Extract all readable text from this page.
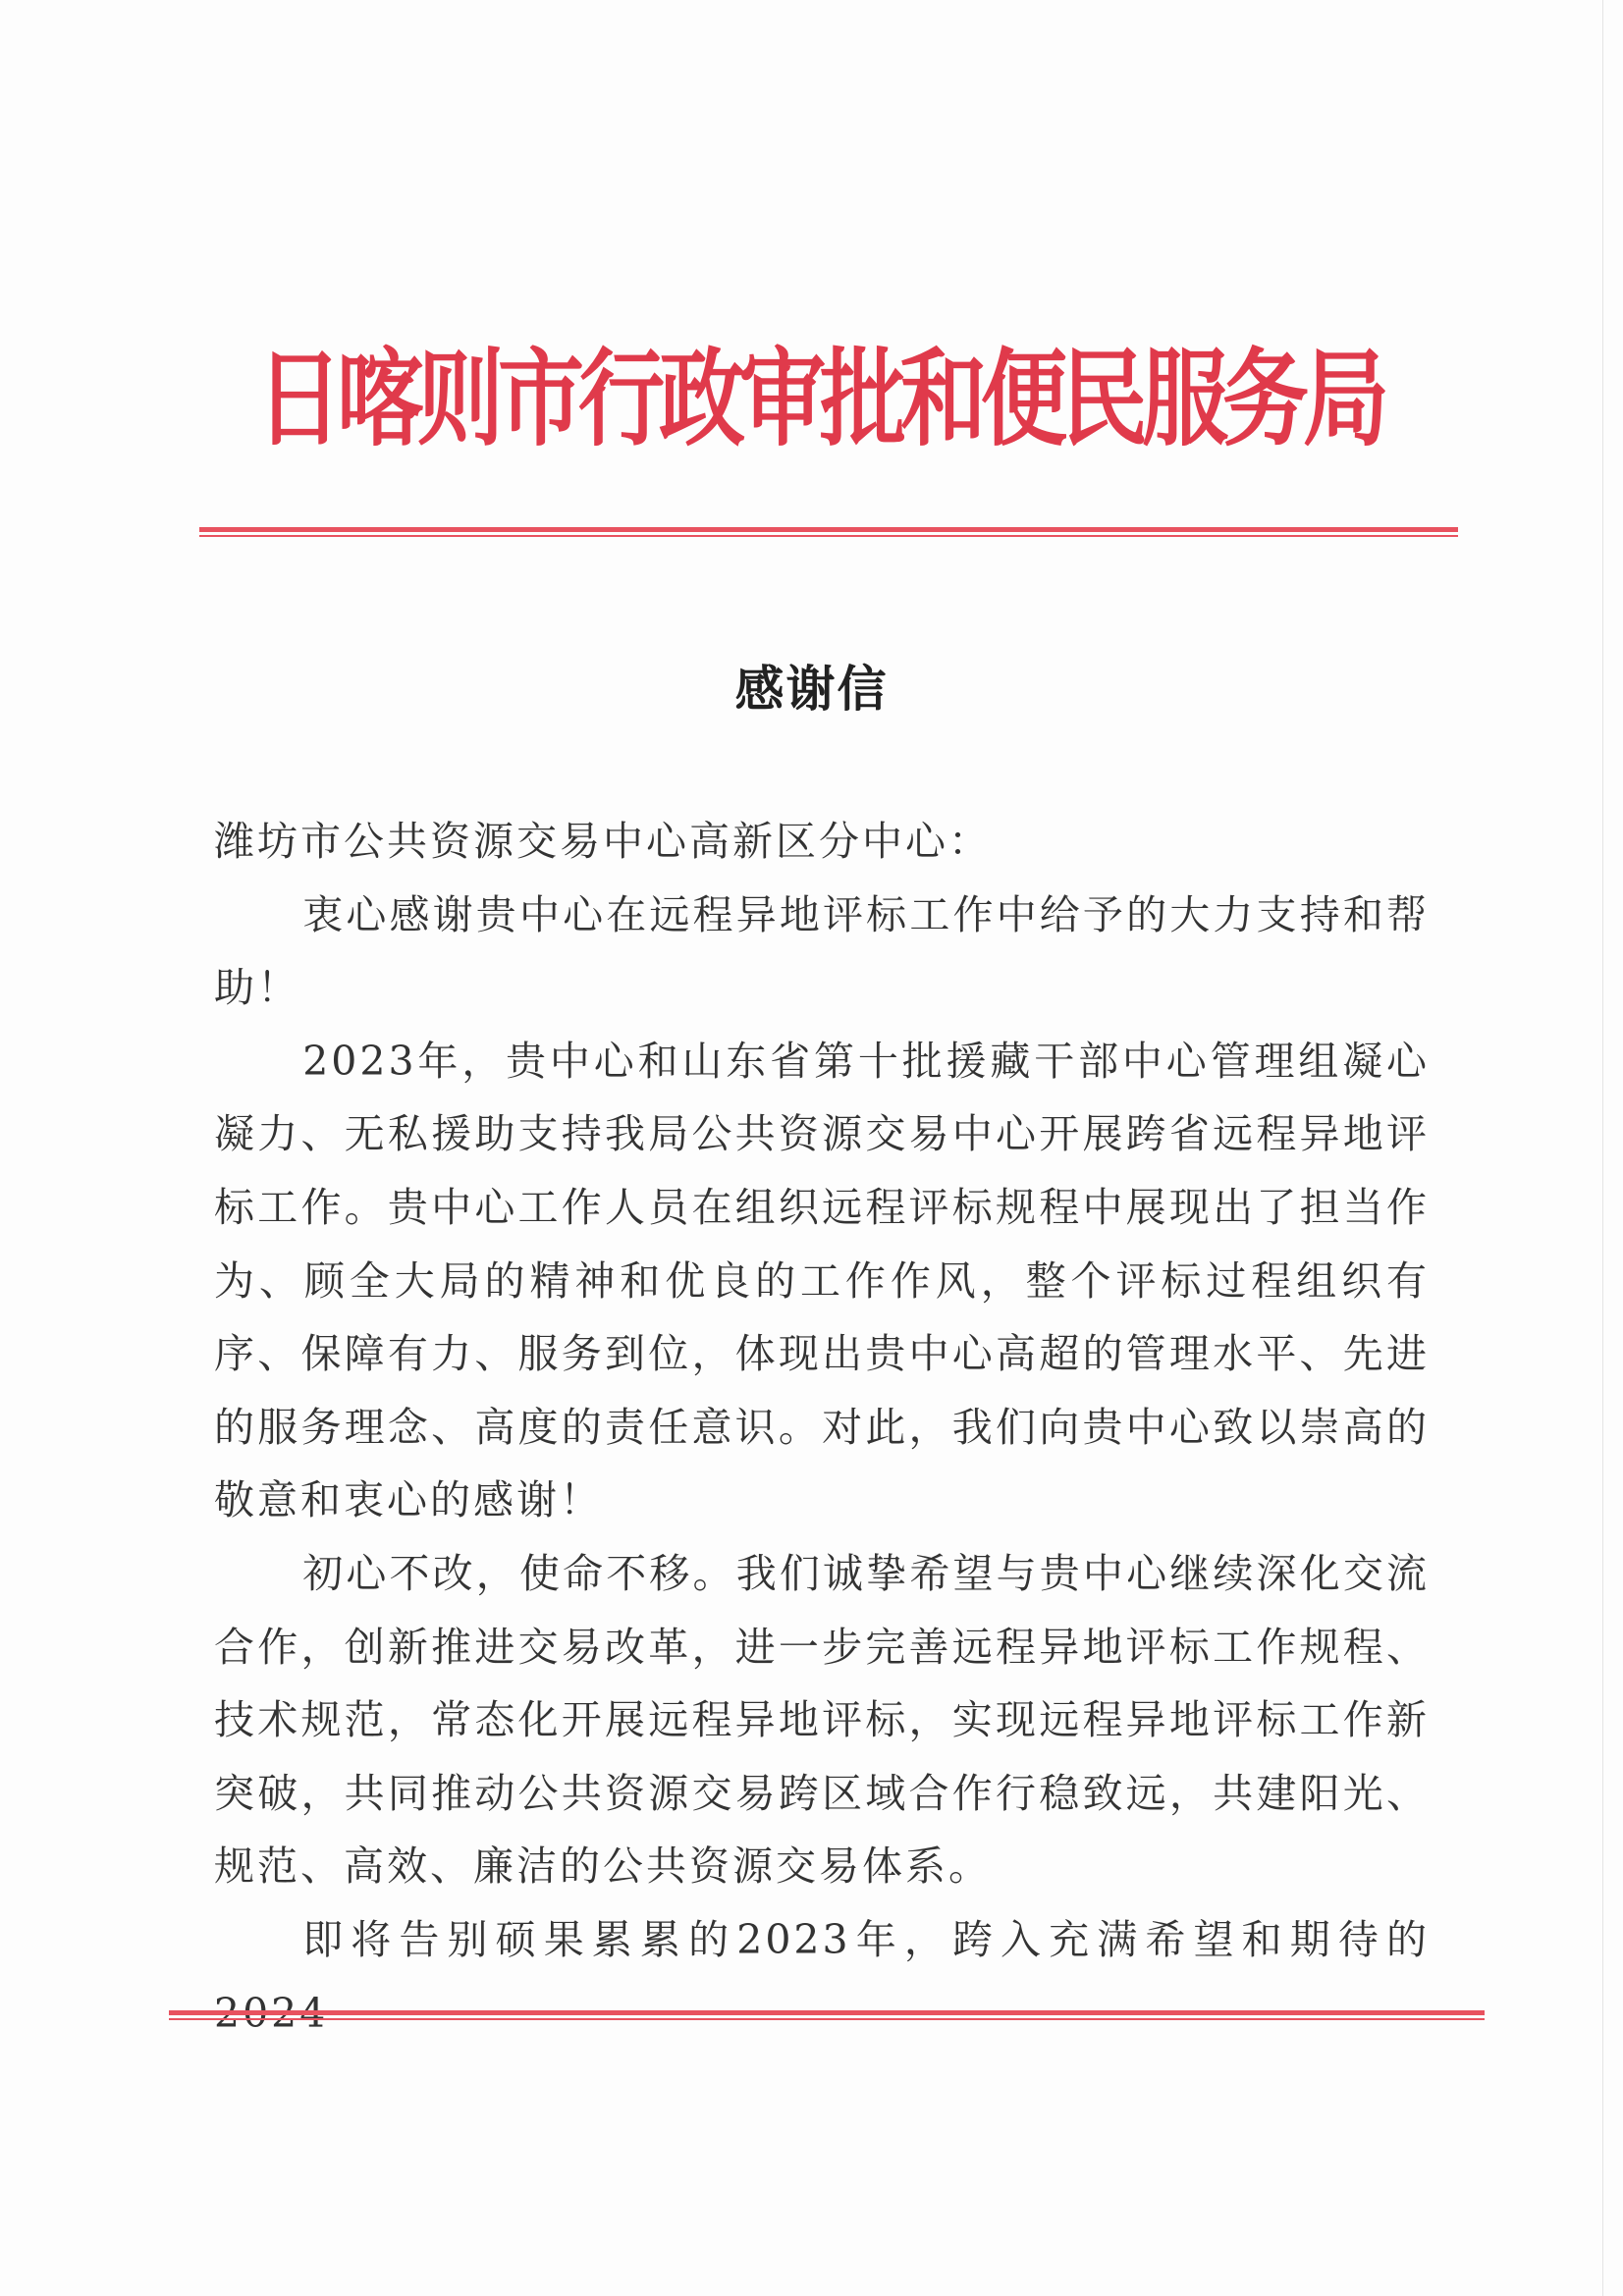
日喀则市行政审批和便民服务局
感谢信

潍坊市公共资源交易中心高新区分中心：

衷心感谢贵中心在远程异地评标工作中给予的大力支持和帮助！

2023年，贵中心和山东省第十批援藏干部中心管理组凝心凝力、无私援助支持我局公共资源交易中心开展跨省远程异地评标工作。贵中心工作人员在组织远程评标规程中展现出了担当作为、顾全大局的精神和优良的工作作风，整个评标过程组织有序、保障有力、服务到位，体现出贵中心高超的管理水平、先进的服务理念、高度的责任意识。对此，我们向贵中心致以崇高的敬意和衷心的感谢！

初心不改，使命不移。我们诚挚希望与贵中心继续深化交流合作，创新推进交易改革，进一步完善远程异地评标工作规程、技术规范，常态化开展远程异地评标，实现远程异地评标工作新突破，共同推动公共资源交易跨区域合作行稳致远，共建阳光、规范、高效、廉洁的公共资源交易体系。

即将告别硕果累累的2023年，跨入充满希望和期待的2024
